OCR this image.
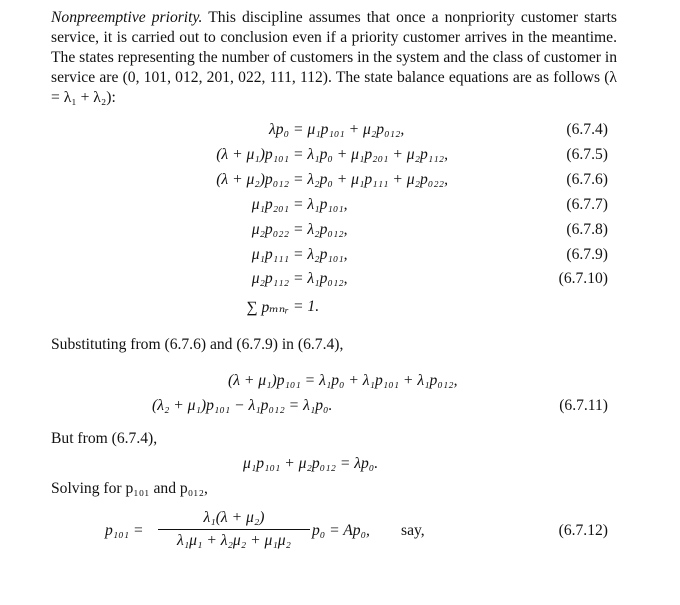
Nonpreemptive priority. This discipline assumes that once a nonpriority customer starts service, it is carried out to conclusion even if a priority customer arrives in the meantime. The states representing the number of customers in the system and the class of customer in service are (0, 101, 012, 201, 022, 111, 112). The state balance equations are as follows (λ = λ₁ + λ₂):
λp₀ = μ₁p₁₀₁ + μ₂p₀₁₂,	(6.7.4)
(λ + μ₁)p₁₀₁ = λ₁p₀ + μ₁p₂₀₁ + μ₂p₁₁₂,	(6.7.5)
(λ + μ₂)p₀₁₂ = λ₂p₀ + μ₁p₁₁₁ + μ₂p₀₂₂,	(6.7.6)
μ₁p₂₀₁ = λ₁p₁₀₁,	(6.7.7)
μ₂p₀₂₂ = λ₂p₀₁₂,	(6.7.8)
μ₁p₁₁₁ = λ₂p₁₀₁,	(6.7.9)
μ₂p₁₁₂ = λ₁p₀₁₂,	(6.7.10)
∑ pₘₙᵣ = 1.
Substituting from (6.7.6) and (6.7.9) in (6.7.4),
(λ + μ₁)p₁₀₁ = λ₁p₀ + λ₁p₁₀₁ + λ₁p₀₁₂,
(λ₂ + μ₁)p₁₀₁ − λ₁p₀₁₂ = λ₁p₀.	(6.7.11)
But from (6.7.4),
μ₁p₁₀₁ + μ₂p₀₁₂ = λp₀.
Solving for p₁₀₁ and p₀₁₂,
p₁₀₁ =
λ₁(λ + μ₂)
λ₁μ₁ + λ₂μ₂ + μ₁μ₂
p₀ = Ap₀, say,	(6.7.12)
